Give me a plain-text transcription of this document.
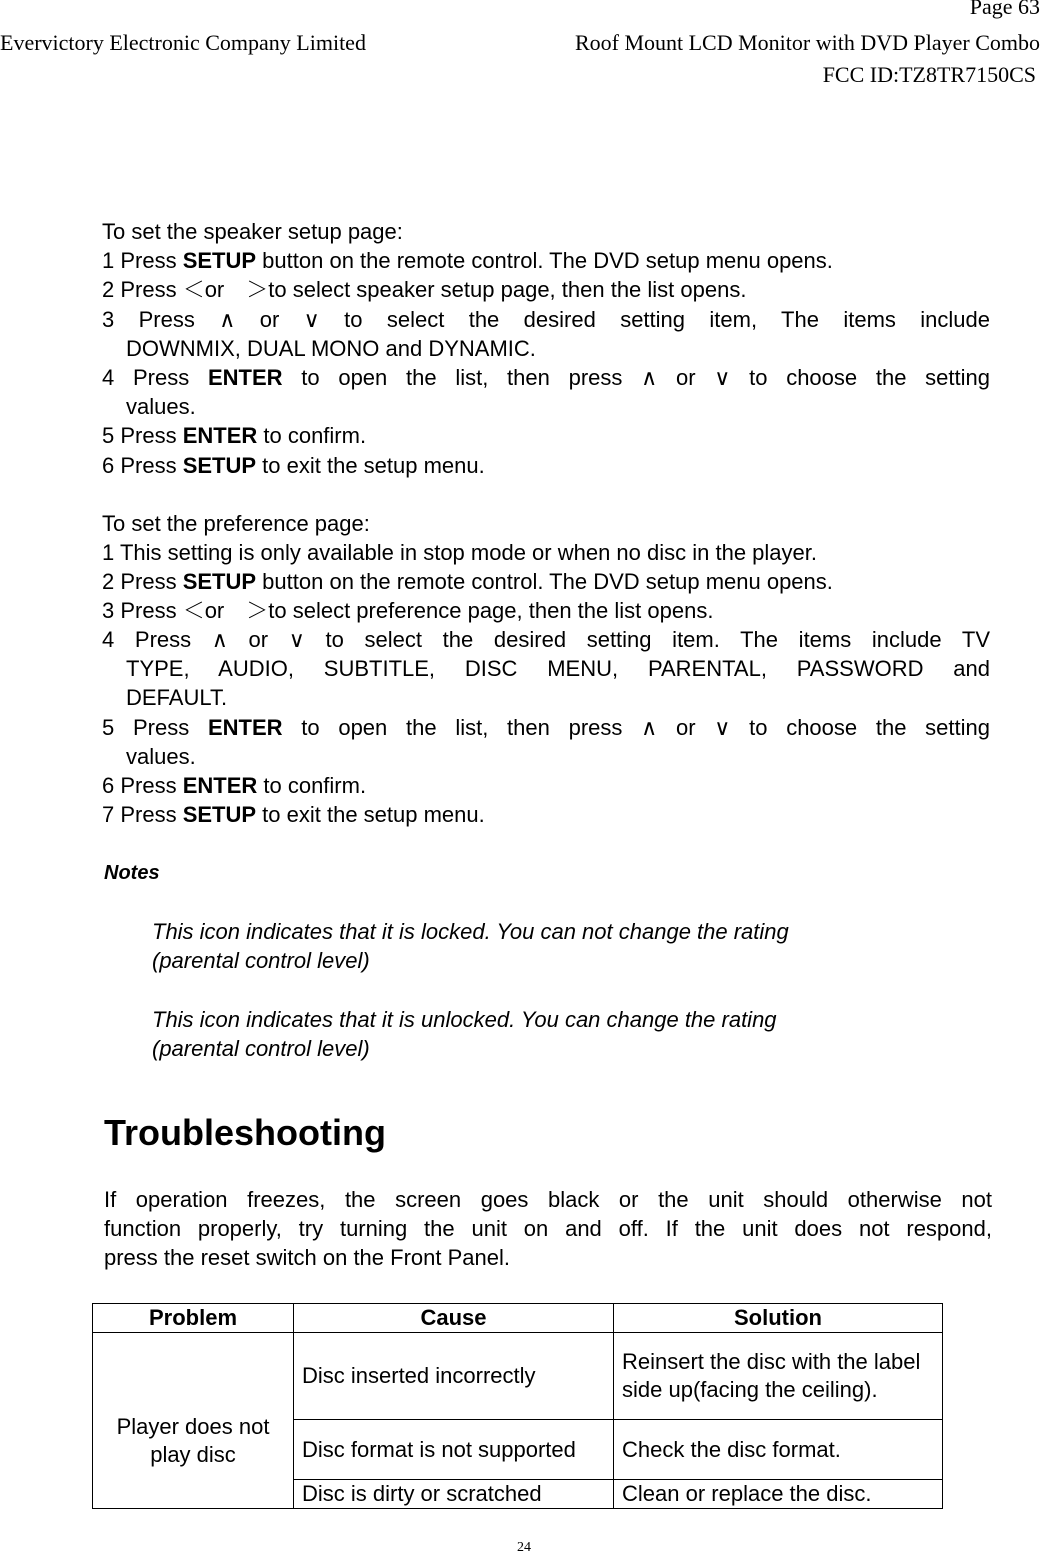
Page 63
Evervictory Electronic Company Limited	Roof Mount LCD Monitor with DVD Player Combo
FCC ID:TZ8TR7150CS
To set the speaker setup page:
1 Press SETUP button on the remote control. The DVD setup menu opens.
2 Press ＜or　＞to select speaker setup page, then the list opens.
3 Press ∧ or ∨ to select the desired setting item, The items include
DOWNMIX, DUAL MONO and DYNAMIC.
4 Press ENTER to open the list, then press ∧ or ∨ to choose the setting
values.
5 Press ENTER to confirm.
6 Press SETUP to exit the setup menu.
To set the preference page:
1 This setting is only available in stop mode or when no disc in the player.
2 Press SETUP button on the remote control. The DVD setup menu opens.
3 Press ＜or　＞to select preference page, then the list opens.
4 Press ∧ or ∨ to select the desired setting item. The items include TV
TYPE, AUDIO, SUBTITLE, DISC MENU, PARENTAL, PASSWORD and
DEFAULT.
5 Press ENTER to open the list, then press ∧ or ∨ to choose the setting
values.
6 Press ENTER to confirm.
7 Press SETUP to exit the setup menu.
Notes
This icon indicates that it is locked. You can not change the rating
(parental control level)
This icon indicates that it is unlocked. You can change the rating
(parental control level)
Troubleshooting
If operation freezes, the screen goes black or the unit should otherwise not
function properly, try turning the unit on and off. If the unit does not respond,
press the reset switch on the Front Panel.
Problem	Cause	Solution

Player does not
play disc	Disc inserted incorrectly	Reinsert the disc with the label side up(facing the ceiling).
	Disc format is not supported	Check the disc format.
	Disc is dirty or scratched	Clean or replace the disc.
24
